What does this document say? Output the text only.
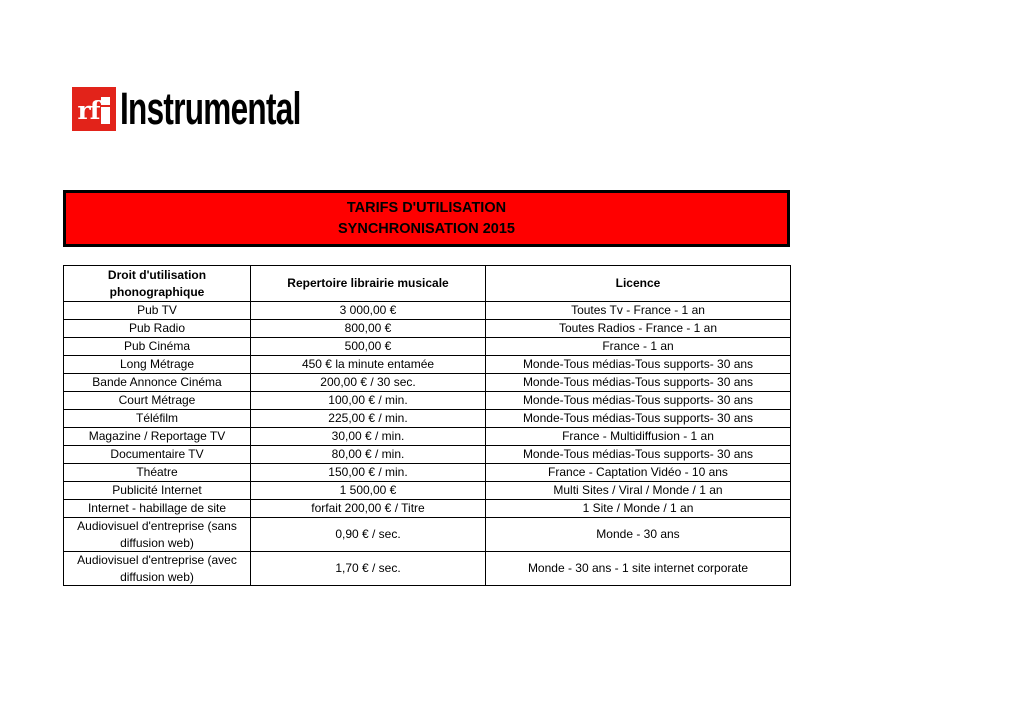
rf Instrumental
TARIFS D'UTILISATION
SYNCHRONISATION 2015
Droit d'utilisation phonographique	Repertoire librairie musicale	Licence
Pub TV	3 000,00 €	Toutes Tv - France - 1 an
Pub Radio	800,00 €	Toutes Radios - France - 1 an
Pub Cinéma	500,00 €	France - 1 an
Long Métrage	450 € la minute entamée	Monde-Tous médias-Tous supports- 30 ans
Bande Annonce Cinéma	200,00 € / 30 sec.	Monde-Tous médias-Tous supports- 30 ans
Court Métrage	100,00 € / min.	Monde-Tous médias-Tous supports- 30 ans
Téléfilm	225,00 € / min.	Monde-Tous médias-Tous supports- 30 ans
Magazine / Reportage TV	30,00 € / min.	France - Multidiffusion - 1 an
Documentaire TV	80,00 € / min.	Monde-Tous médias-Tous supports- 30 ans
Théatre	150,00 € / min.	France - Captation Vidéo - 10 ans
Publicité Internet	1 500,00 €	Multi Sites / Viral / Monde / 1 an
Internet - habillage de site	forfait 200,00 € / Titre	1 Site / Monde / 1 an
Audiovisuel d'entreprise (sans diffusion web)	0,90 € / sec.	Monde - 30 ans
Audiovisuel d'entreprise (avec diffusion web)	1,70 € / sec.	Monde - 30 ans - 1 site internet corporate
